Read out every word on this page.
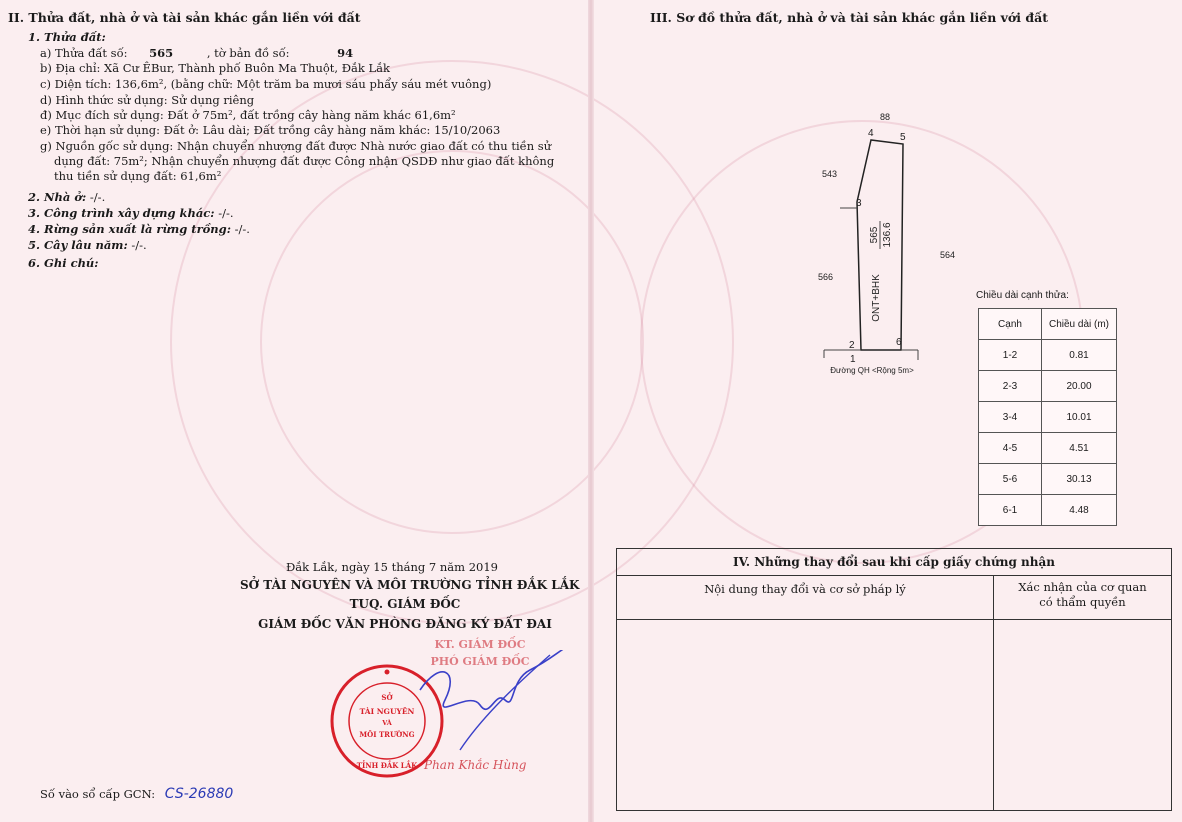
II. Thửa đất, nhà ở và tài sản khác gắn liền với đất
1. Thửa đất:
a) Thửa đất số: 565	, tờ bản đồ số:	94
b) Địa chỉ: Xã Cư ÊBur, Thành phố Buôn Ma Thuột, Đắk Lắk
c) Diện tích: 136,6m², (bằng chữ: Một trăm ba mươi sáu phẩy sáu mét vuông)
d) Hình thức sử dụng: Sử dụng riêng
đ) Mục đích sử dụng: Đất ở 75m², đất trồng cây hàng năm khác 61,6m²
e) Thời hạn sử dụng: Đất ở: Lâu dài; Đất trồng cây hàng năm khác: 15/10/2063
g) Nguồn gốc sử dụng: Nhận chuyển nhượng đất được Nhà nước giao đất có thu tiền sử
dụng đất: 75m²; Nhận chuyển nhượng đất được Công nhận QSDĐ như giao đất không
thu tiền sử dụng đất: 61,6m²
2. Nhà ở: -/-.
3. Công trình xây dựng khác: -/-.
4. Rừng sản xuất là rừng trồng: -/-.
5. Cây lâu năm: -/-.
6. Ghi chú:
Đắk Lắk, ngày 15 tháng 7 năm 2019
SỞ TÀI NGUYÊN VÀ MÔI TRƯỜNG TỈNH ĐẮK LẮK
TUQ. GIÁM ĐỐC
GIÁM ĐỐC VĂN PHÒNG ĐĂNG KÝ ĐẤT ĐAI
KT. GIÁM ĐỐC
PHÓ GIÁM ĐỐC
SỞ
TÀI NGUYÊN
VÀ
MÔI TRƯỜNG
TỈNH ĐẮK LẮK Phan Khắc Hùng
Số vào sổ cấp GCN: CS-26880
III. Sơ đồ thửa đất, nhà ở và tài sản khác gắn liền với đất
88
543
564
566
4	5
3
2	6
1
565 136.6
ONT+BHK
Đường QH <Rộng 5m>
Chiều dài cạnh thửa:
Cạnh	Chiều dài (m)
1-2	0.81
2-3	20.00
3-4	10.01
4-5	4.51
5-6	30.13
6-1	4.48
IV. Những thay đổi sau khi cấp giấy chứng nhận	
Nội dung thay đổi và cơ sở pháp lý	Xác nhận của cơ quan
có thẩm quyền
